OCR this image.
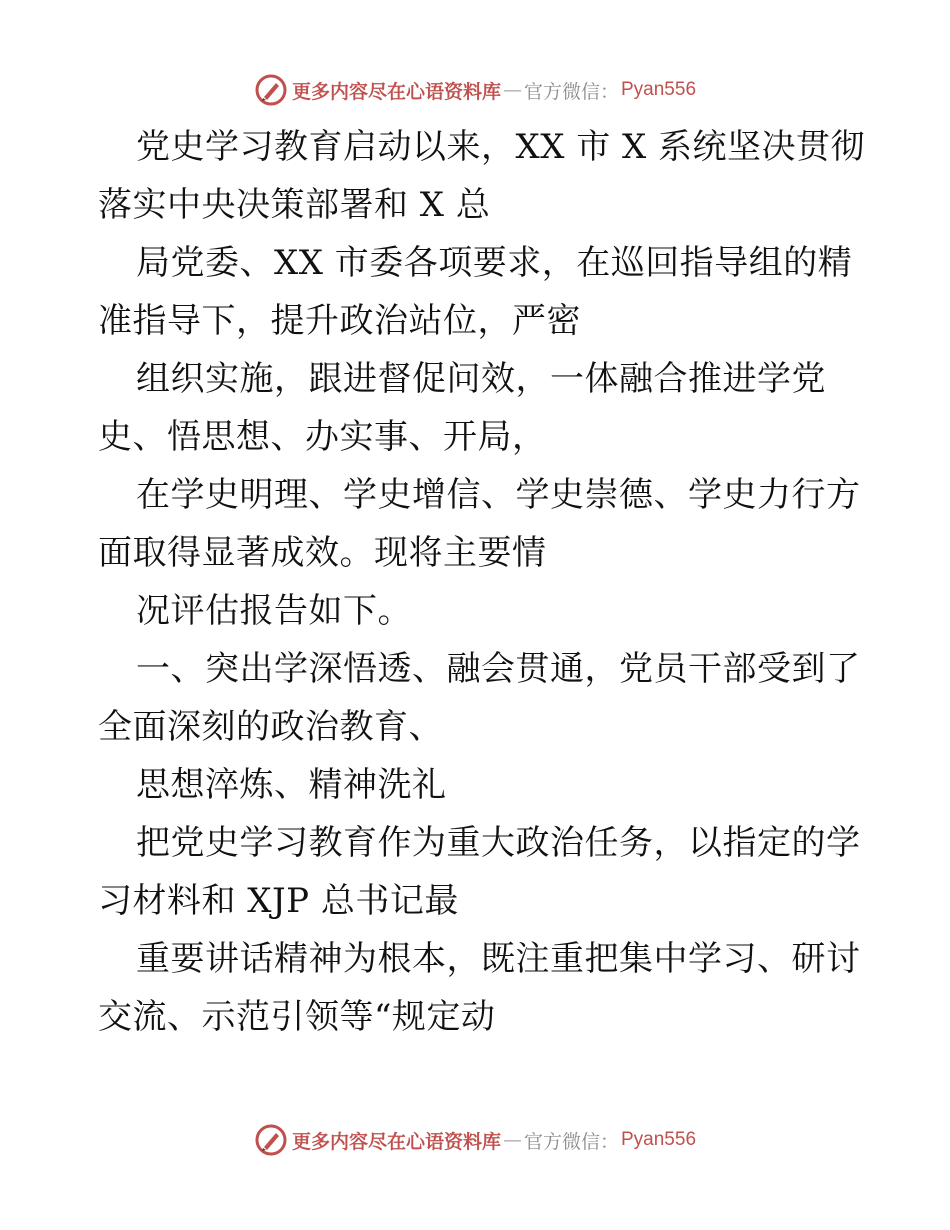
更多内容尽在心语资料库 — 官方微信： Pyan556
党史学习教育启动以来，XX 市 X 系统坚决贯彻
落实中央决策部署和 X 总
局党委、XX 市委各项要求，在巡回指导组的精
准指导下，提升政治站位，严密
组织实施，跟进督促问效，一体融合推进学党
史、悟思想、办实事、开局，
在学史明理、学史增信、学史崇德、学史力行方
面取得显著成效。现将主要情
况评估报告如下。
一、突出学深悟透、融会贯通，党员干部受到了
全面深刻的政治教育、
思想淬炼、精神洗礼
把党史学习教育作为重大政治任务，以指定的学
习材料和 XJP 总书记最
重要讲话精神为根本，既注重把集中学习、研讨
交流、示范引领等“规定动
更多内容尽在心语资料库 — 官方微信： Pyan556
